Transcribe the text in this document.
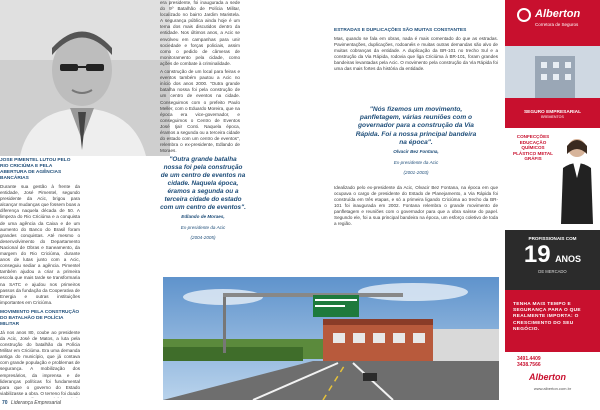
JOSÉ PIMENTEL LUTOU PELO RIO CRICIÚMA E PELA ABERTURA DE AGÊNCIAS BANCÁRIAS

Durante sua gestão à frente da entidade, José Pimentel, segundo presidente da Acic, brigou para alcançar mudanças que fossem boas a diferença naquela década de 50. A limpeza do Rio Criciúma e a conquista de uma agência da Caixa e de um aumento do Banco do Brasil foram grandes conquistas. Até mesmo o desenvolvimento do Departamento Nacional de Obras e Saneamento, da margem do Rio Criciúma, durante anos de lutas junto com a Acic, conseguiu sediar a agência. Pimentel também ajudou a criar a primeira escola que mais tarde se transformaria na SATC e ajudou nos primeiros passos da fundação da Cooperativa de Energia e outras instituições importantes em Criciúma.

MOVIMENTO PELA CONSTRUÇÃO DO BATALHÃO DE POLÍCIA MILITAR

Já nos anos 80, coube ao presidente da Acic, José de Matos, a luta pela construção do batalhão da Polícia Militar em Criciúma. Era uma demanda antiga do município, que já contava com grande população e problemas de segurança. A mobilização dos empresários, da imprensa e de lideranças políticas foi fundamental para que o governo do Estado viabilizasse a obra. O terreno foi doado

era presidente, foi inaugurada a sede do 9º Batalhão de Polícia Militar, localizado no bairro Jardim Maristela. A segurança pública ainda hoje é um tema dos mais discutidos dentro da entidade. Nos últimos anos, a Acic se envolveu em campanhas para unir sociedade e forças policiais, assim como o pedido de câmeras de monitoramento pela cidade, como ações de combate à criminalidade.

A construção de um local para feiras e eventos também pautou a Acic no início dos anos 2000. "Outra grande batalha nossa foi pela construção de um centro de eventos na cidade. Conseguimos com o prefeito Paulo Meller, com o Eduardo Moreira, que na época era vice-governador, e conseguimos o Centro de Eventos José Ijair Conti. Naquela época, éramos a segunda ou a terceira cidade do estado com um centro de eventos", relembra o ex-presidente, Edlando de Moraes.

"Outra grande batalha nossa foi pela construção de um centro de eventos na cidade. Naquela época, éramos a segunda ou a terceira cidade do estado com um centro de eventos".

Edlando de Moraes,

Ex-presidente da Acic

(2004-2005)

ESTRADAS E DUPLICAÇÕES SÃO MUITAS CONSTANTES

Mas, quando se fala em obras, nada é mais comentado do que as estradas. Pavimentações, duplicações, rodoanéis e muitas outras demandas são alvo de muitas cobranças da entidade. A duplicação da BR-101 no trecho Sul e a construção da Via Rápida, rodovia que liga Criciúma à BR-101, foram grandes bandeiras levantadas pela Acic. O movimento pela construção da Via Rápida foi uma das mais fortes da história da entidade.

"Nós fizemos um movimento, panfletagem, várias reuniões com o governador para a construção da Via Rápida. Foi a nossa principal bandeira na época".

Olvacir Bez Fontana,

Ex-presidente da Acic

(2001-2003)

Idealizado pelo ex-presidente da Acic, Olvacir Bez Fontana, na época em que ocupava o cargo de presidente do Estado de Planejamento, a Via Rápida foi construída em três etapas, e só a primeira ligando Criciúma ao trecho da BR-101 foi inaugurada em 2002. Fontana relembra o grande movimento de panfletagem e reuniões com o governador para que a obra saísse do papel. Segundo ele, foi a sua principal bandeira na época, um esforço coletivo de toda a região.

Alberton
Corretora de Seguros
SEGURO EMPRESARIAL
BREMENTOS
CONFECÇÕES EDUCAÇÃO QUÍMICOS PLÁSTICO METAL GRÁFIS
PROFISSIONAIS COM
19 ANOS
DE MERCADO
TENHA MAIS TEMPO E SEGURANÇA PARA O QUE REALMENTE IMPORTA: O CRESCIMENTO DO SEU NEGÓCIO.
3491.4409
3438.7566
Alberton
www.alberton.com.br
70 Liderança Empresarial
